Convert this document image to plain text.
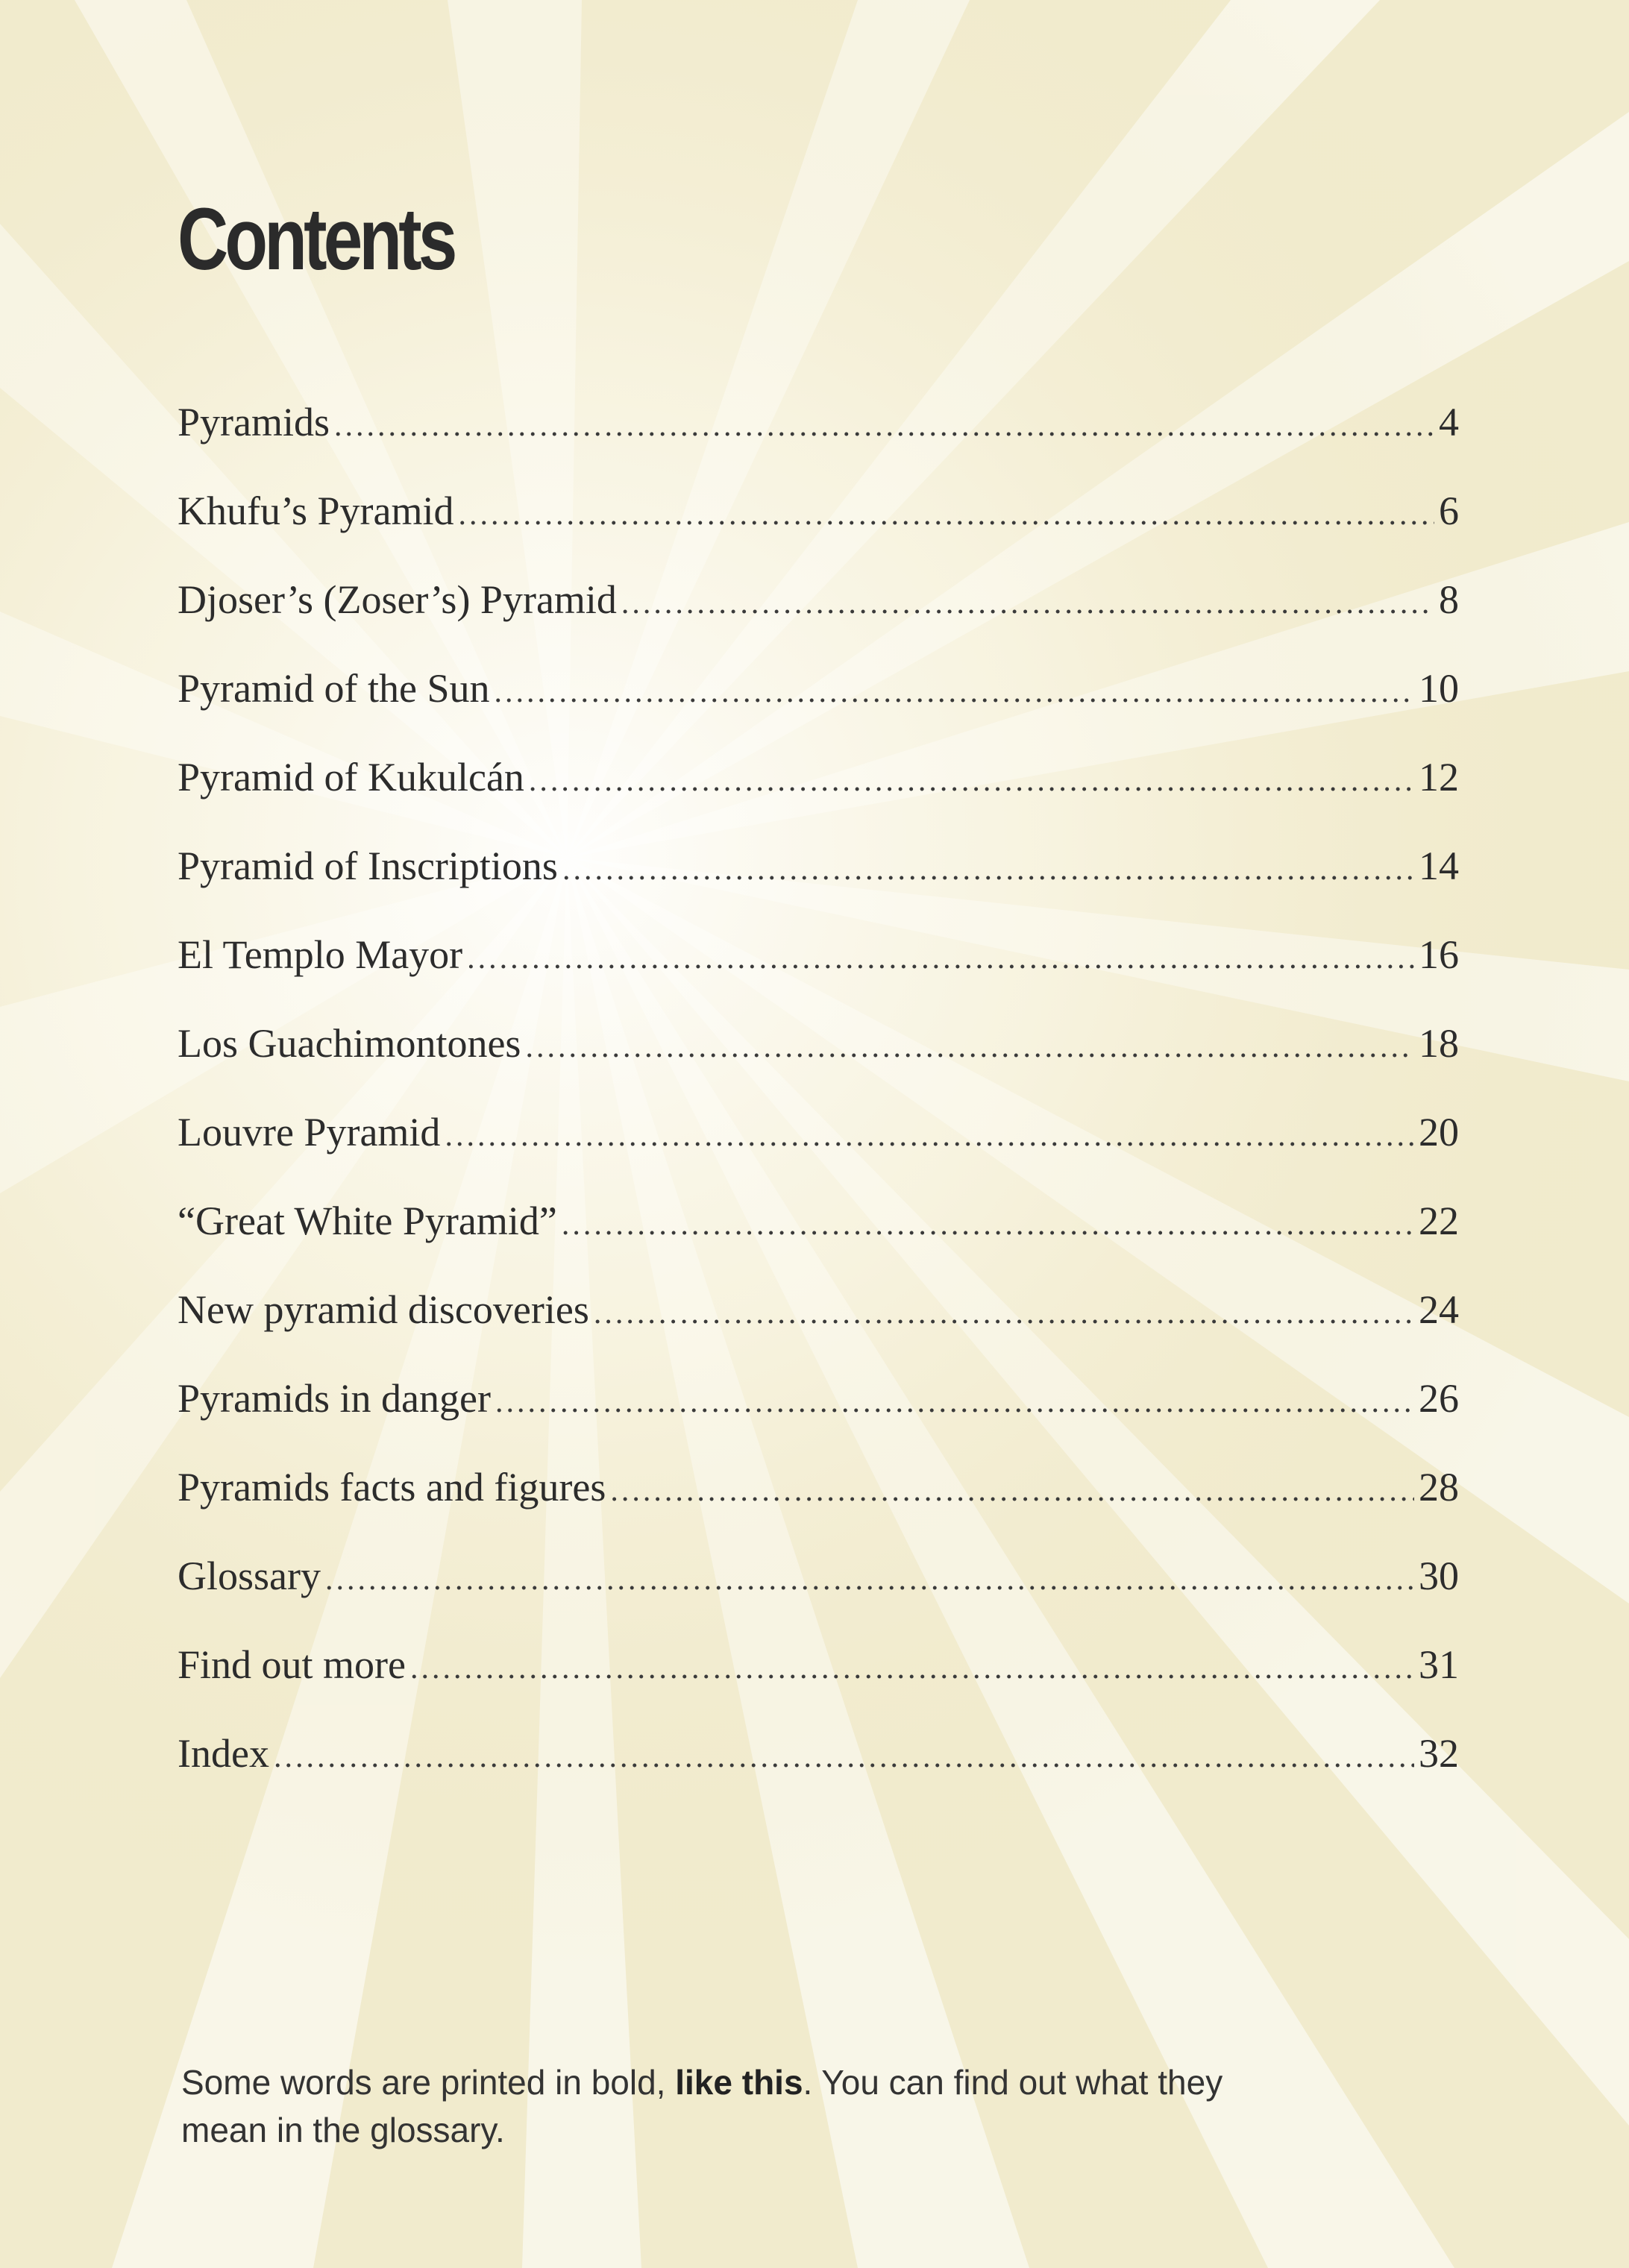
Contents
Pyramids .....	4
Khufu’s Pyramid .....	6
Djoser’s (Zoser’s) Pyramid .....	8
Pyramid of the Sun .....	10
Pyramid of Kukulcán .....	12
Pyramid of Inscriptions .....	14
El Templo Mayor .....	16
Los Guachimontones .....	18
Louvre Pyramid .....	20
“Great White Pyramid” .....	22
New pyramid discoveries .....	24
Pyramids in danger .....	26
Pyramids facts and figures .....	28
Glossary .....	30
Find out more .....	31
Index .....	32

Some words are printed in bold, like this. You can find out what they mean in the glossary.
